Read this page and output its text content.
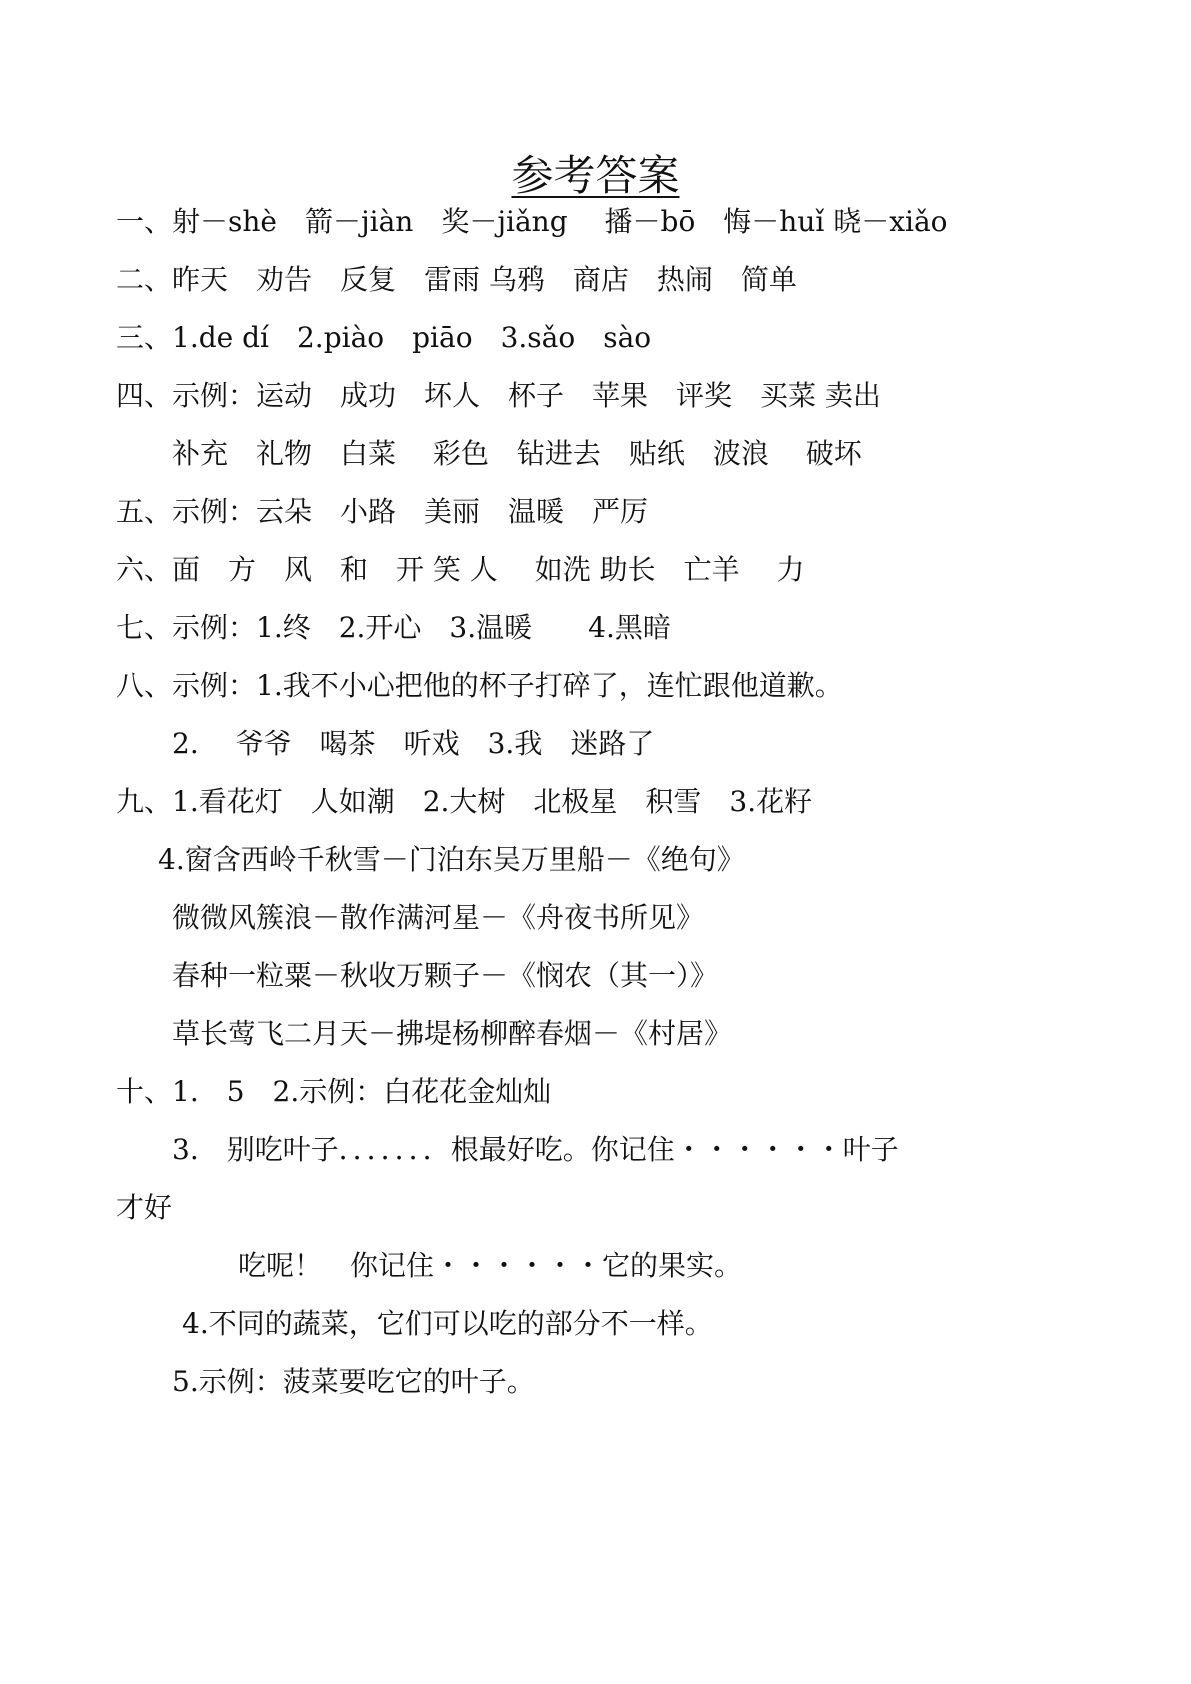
参考答案

一、射－shè　箭－jiàn　奖－jiǎng　 播－bō　悔－huǐ 晓－xiǎo

二、昨天　劝告　反复　雷雨 乌鸦　商店　热闹　简单

三、1.de dí　2.piào　piāo　3.sǎo　sào

四、示例：运动　成功　坏人　杯子　苹果　评奖　买菜 卖出

补充　礼物　白菜　 彩色　钻进去　贴纸　波浪　 破坏

五、示例：云朵　小路　美丽　温暖　严厉

六、面　方　风　和　开 笑 人　 如洗 助长　亡羊　 力

七、示例：1.终　2.开心　3.温暖　　4.黑暗

八、示例：1.我不小心把他的杯子打碎了，连忙跟他道歉。

2.　 爷爷　喝茶　听戏　3.我　迷路了

九、1.看花灯　人如潮　2.大树　北极星　积雪　3.花籽

4.窗含西岭千秋雪－门泊东吴万里船－《绝句》

微微风簇浪－散作满河星－《舟夜书所见》

春种一粒粟－秋收万颗子－《悯农（其一）》

草长莺飞二月天－拂堤杨柳醉春烟－《村居》

十、1.　5　2.示例：白花花金灿灿

3.　别吃叶子．．．．．．．根最好吃。你记住・・・・・・叶子

才好

吃呢！　你记住・・・・・・它的果实。

4.不同的蔬菜，它们可以吃的部分不一样。

5.示例：菠菜要吃它的叶子。
